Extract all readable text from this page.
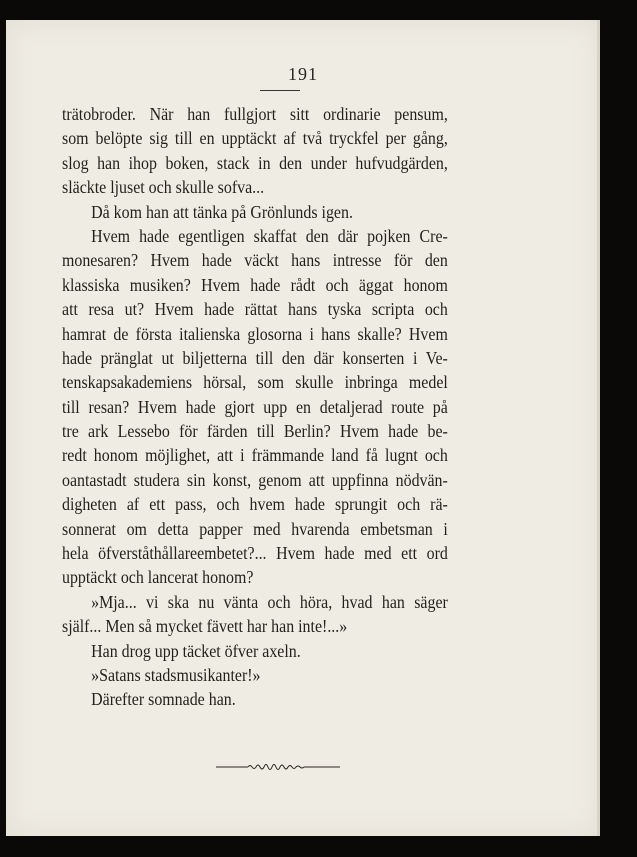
191
trätobroder. När han fullgjort sitt ordinarie pensum,
som belöpte sig till en upptäckt af två tryckfel per gång,
slog han ihop boken, stack in den under hufvudgärden,
släckte ljuset och skulle sofva...
Då kom han att tänka på Grönlunds igen.
Hvem hade egentligen skaffat den där pojken Cre-
monesaren? Hvem hade väckt hans intresse för den
klassiska musiken? Hvem hade rådt och äggat honom
att resa ut? Hvem hade rättat hans tyska scripta och
hamrat de första italienska glosorna i hans skalle? Hvem
hade pränglat ut biljetterna till den där konserten i Ve-
tenskapsakademiens hörsal, som skulle inbringa medel
till resan? Hvem hade gjort upp en detaljerad route på
tre ark Lessebo för färden till Berlin? Hvem hade be-
redt honom möjlighet, att i främmande land få lugnt och
oantastadt studera sin konst, genom att uppfinna nödvän-
digheten af ett pass, och hvem hade sprungit och rä-
sonnerat om detta papper med hvarenda embetsman i
hela öfverståthållareembetet?... Hvem hade med ett ord
upptäckt och lancerat honom?
»Mja... vi ska nu vänta och höra, hvad han säger
själf... Men så mycket fävett har han inte!...»
Han drog upp täcket öfver axeln.
»Satans stadsmusikanter!»
Därefter somnade han.
